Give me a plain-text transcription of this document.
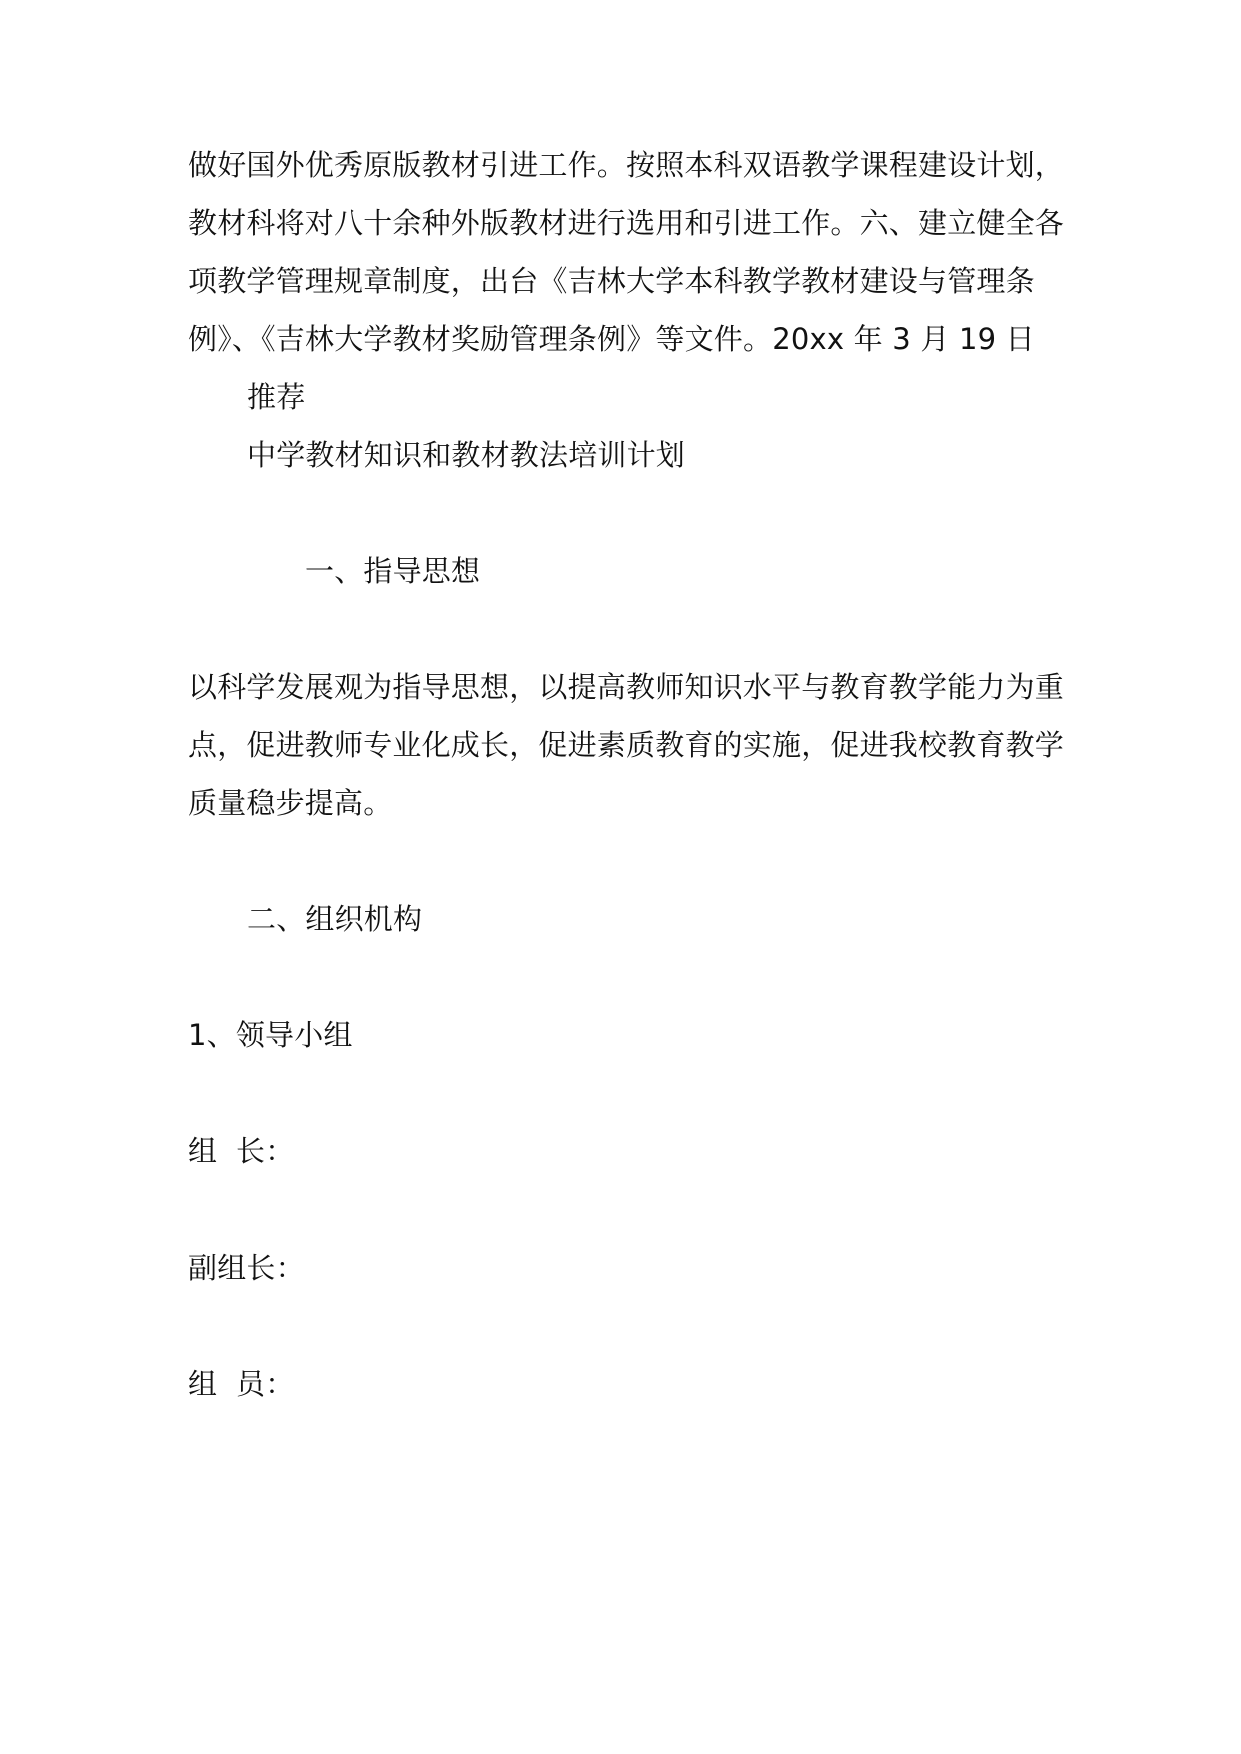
做好国外优秀原版教材引进工作。按照本科双语教学课程建设计划，
教材科将对八十余种外版教材进行选用和引进工作。六、建立健全各
项教学管理规章制度，出台《吉林大学本科教学教材建设与管理条
例》、《吉林大学教材奖励管理条例》等文件。20xx 年 3 月 19 日
推荐
中学教材知识和教材教法培训计划
一、指导思想
以科学发展观为指导思想，以提高教师知识水平与教育教学能力为重
点，促进教师专业化成长，促进素质教育的实施，促进我校教育教学
质量稳步提高。
二、组织机构
1、领导小组
组  长：
副组长：
组  员：
